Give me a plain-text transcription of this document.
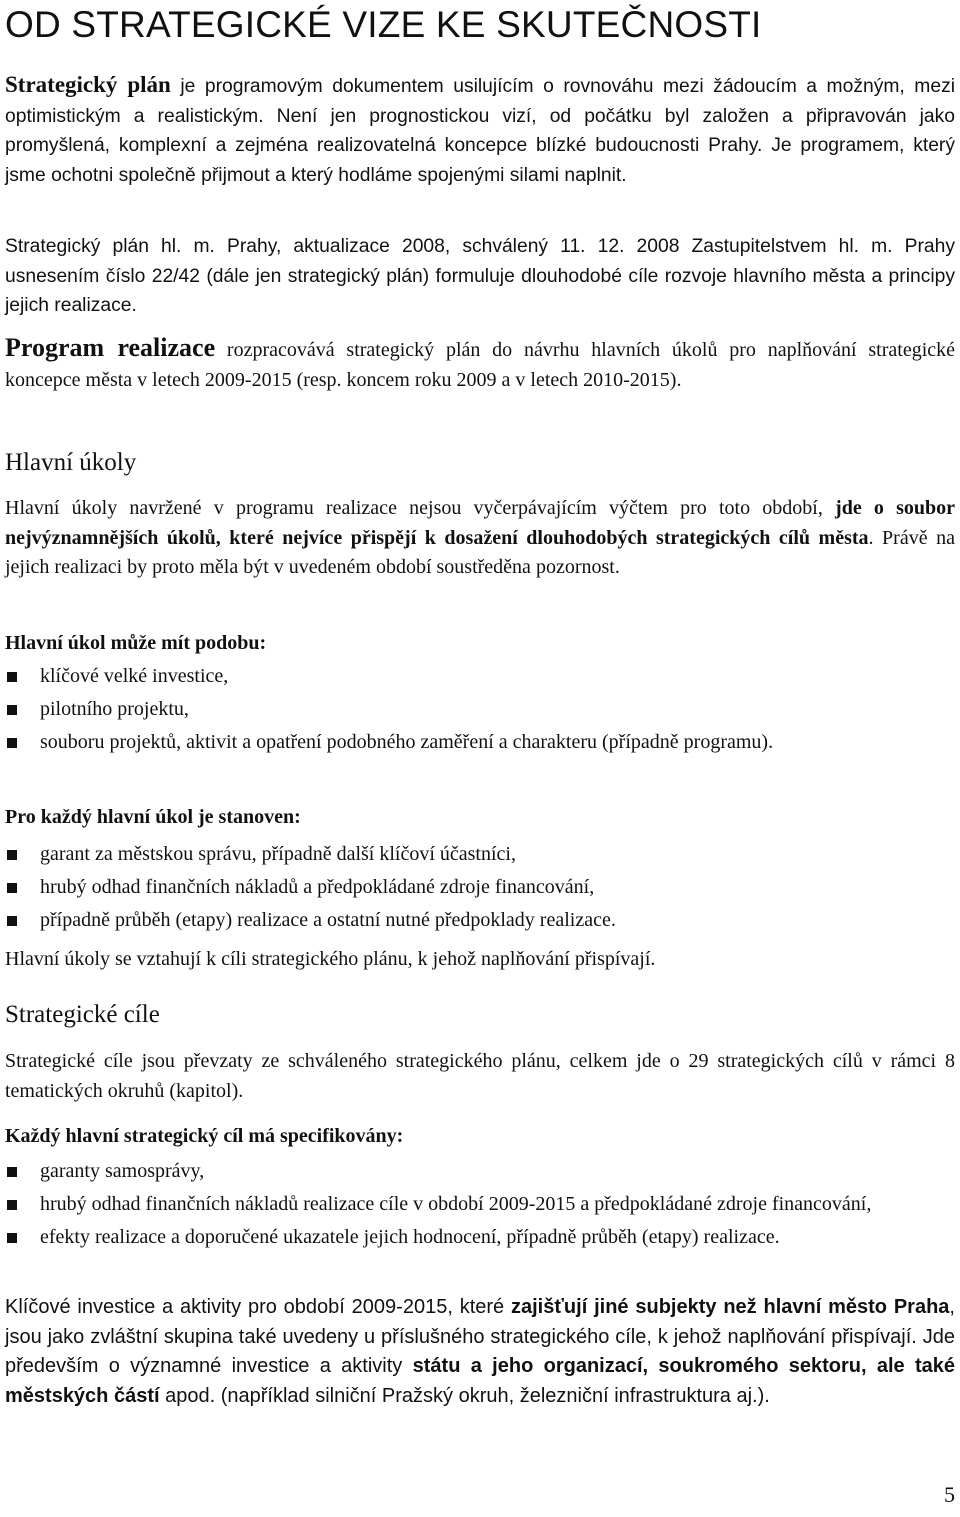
OD STRATEGICKÉ VIZE KE SKUTEČNOSTI

Strategický plán je programovým dokumentem usilujícím o rovnováhu mezi žádoucím a možným, mezi optimistickým a realistickým. Není jen prognostickou vizí, od počátku byl založen a připravován jako promyšlená, komplexní a zejména realizovatelná koncepce blízké budoucnosti Prahy. Je programem, který jsme ochotni společně přijmout a který hodláme spojenými silami naplnit.

Strategický plán hl. m. Prahy, aktualizace 2008, schválený 11. 12. 2008 Zastupitelstvem hl. m. Prahy usnesením číslo 22/42 (dále jen strategický plán) formuluje dlouhodobé cíle rozvoje hlavního města a principy jejich realizace.

Program realizace rozpracovává strategický plán do návrhu hlavních úkolů pro naplňování strategické koncepce města v letech 2009-2015 (resp. koncem roku 2009 a v letech 2010-2015).

Hlavní úkoly

Hlavní úkoly navržené v programu realizace nejsou vyčerpávajícím výčtem pro toto období, jde o soubor nejvýznamnějších úkolů, které nejvíce přispějí k dosažení dlouhodobých strategických cílů města. Právě na jejich realizaci by proto měla být v uvedeném období soustředěna pozornost.

Hlavní úkol může mít podobu:

klíčové velké investice,
pilotního projektu,
souboru projektů, aktivit a opatření podobného zaměření a charakteru (případně programu).

Pro každý hlavní úkol je stanoven:

garant za městskou správu, případně další klíčoví účastníci,
hrubý odhad finančních nákladů a předpokládané zdroje financování,
případně průběh (etapy) realizace a ostatní nutné předpoklady realizace.

Hlavní úkoly se vztahují k cíli strategického plánu, k jehož naplňování přispívají.

Strategické cíle

Strategické cíle jsou převzaty ze schváleného strategického plánu, celkem jde o 29 strategických cílů v rámci 8 tematických okruhů (kapitol).

Každý hlavní strategický cíl má specifikovány:

garanty samosprávy,
hrubý odhad finančních nákladů realizace cíle v období 2009-2015 a předpokládané zdroje financování,
efekty realizace a doporučené ukazatele jejich hodnocení, případně průběh (etapy) realizace.

Klíčové investice a aktivity pro období 2009-2015, které zajišťují jiné subjekty než hlavní město Praha, jsou jako zvláštní skupina také uvedeny u příslušného strategického cíle, k jehož naplňování přispívají. Jde především o významné investice a aktivity státu a jeho organizací, soukromého sektoru, ale také městských částí apod. (například silniční Pražský okruh, železniční infrastruktura aj.).

5
